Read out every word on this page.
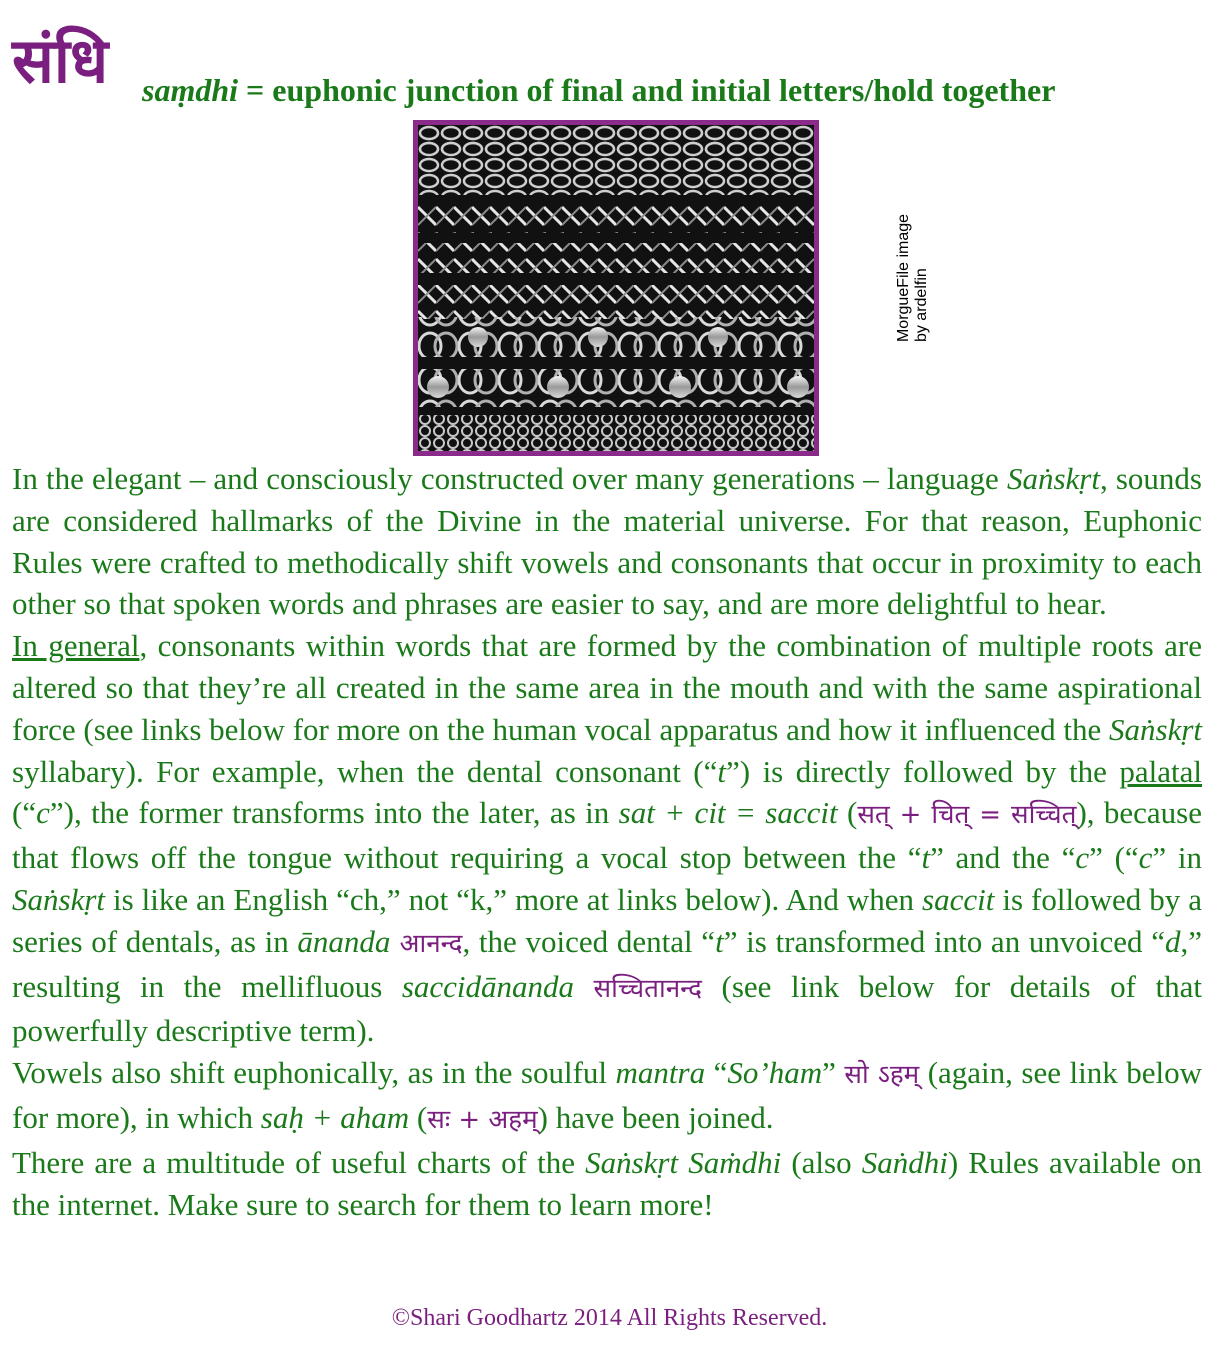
संधि saṃdhi = euphonic junction of final and initial letters/hold together
MorgueFile image by ardelfin

In the elegant – and consciously constructed over many generations – language Saṅskṛt, sounds are considered hallmarks of the Divine in the material universe. For that reason, Euphonic Rules were crafted to methodically shift vowels and consonants that occur in proximity to each other so that spoken words and phrases are easier to say, and are more delightful to hear.

In general, consonants within words that are formed by the combination of multiple roots are altered so that they’re all created in the same area in the mouth and with the same aspirational force (see links below for more on the human vocal apparatus and how it influenced the Saṅskṛt syllabary). For example, when the dental consonant (“t”) is directly followed by the palatal (“c”), the former transforms into the later, as in sat + cit = saccit (सत् + चित् = सच्चित्), because that flows off the tongue without requiring a vocal stop between the “t” and the “c” (“c” in Saṅskṛt is like an English “ch,” not “k,” more at links below). And when saccit is followed by a series of dentals, as in ānanda आनन्द, the voiced dental “t” is transformed into an unvoiced “d,” resulting in the mellifluous saccidānanda सच्चितानन्द (see link below for details of that powerfully descriptive term).

Vowels also shift euphonically, as in the soulful mantra “So’ham” सो ऽहम् (again, see link below for more), in which saḥ + aham (सः + अहम्) have been joined.

There are a multitude of useful charts of the Saṅskṛt Saṁdhi (also Saṅdhi) Rules available on the internet. Make sure to search for them to learn more!

©Shari Goodhartz 2014 All Rights Reserved.
